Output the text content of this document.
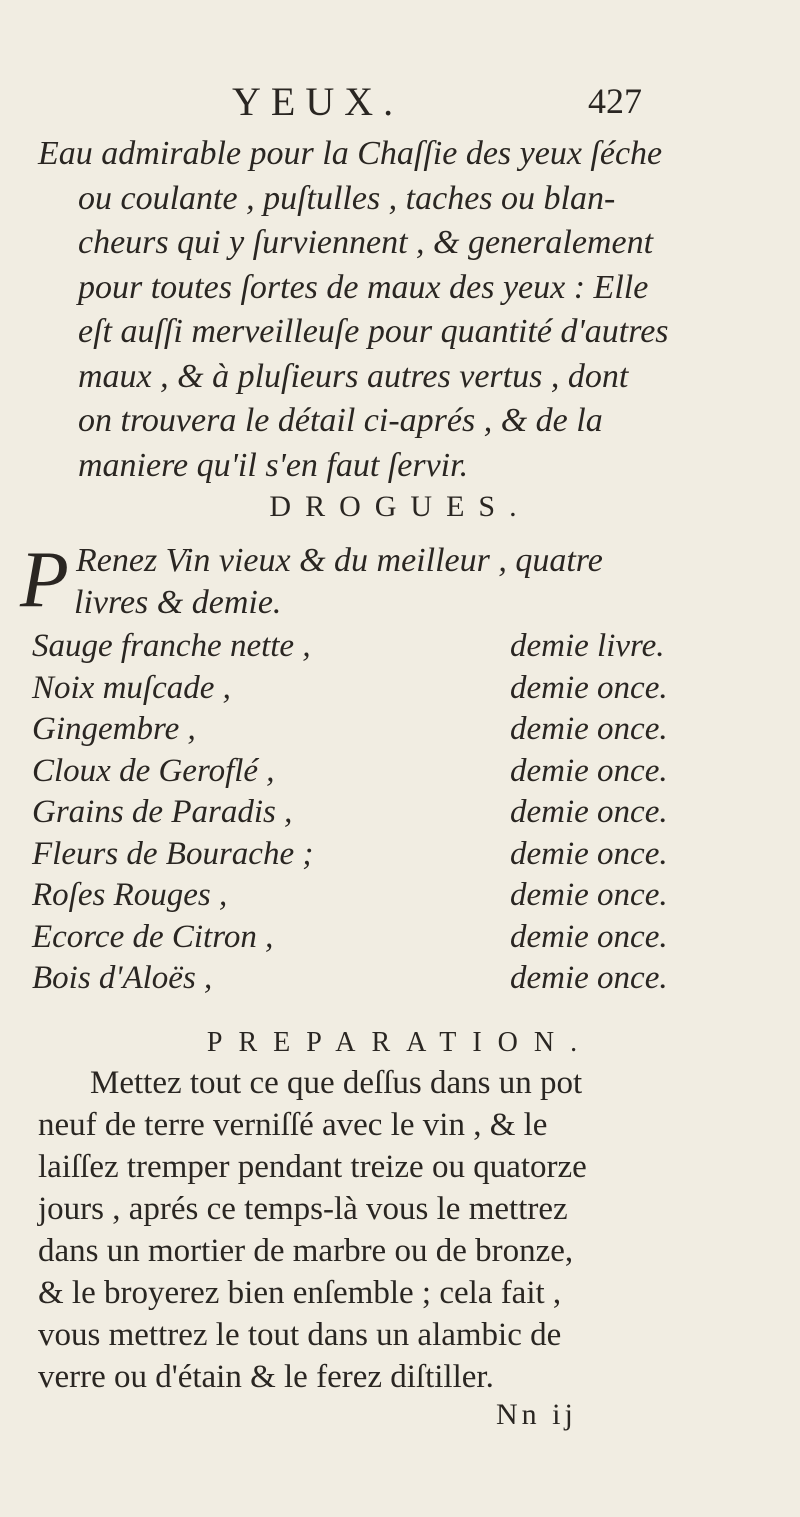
YEUX.	427
Eau admirable pour la Chaſſie des yeux ſéche
ou coulante , puſtulles , taches ou blan-
cheurs qui y ſurviennent , & generalement
pour toutes ſortes de maux des yeux : Elle
eſt auſſi merveilleuſe pour quantité d'autres
maux , & à pluſieurs autres vertus , dont
on trouvera le détail ci-aprés , & de la
maniere qu'il s'en faut ſervir.
DROGUES.
P Renez Vin vieux & du meilleur , quatre
livres & demie.
Sauge franche nette ,	demie livre.
Noix muſcade ,	demie once.
Gingembre ,	demie once.
Cloux de Geroflé ,	demie once.
Grains de Paradis ,	demie once.
Fleurs de Bourache ;	demie once.
Roſes Rouges ,	demie once.
Ecorce de Citron ,	demie once.
Bois d'Aloës ,	demie once.
PREPARATION.
Mettez tout ce que deſſus dans un pot
neuf de terre verniſſé avec le vin , & le
laiſſez tremper pendant treize ou quatorze
jours , aprés ce temps-là vous le mettrez
dans un mortier de marbre ou de bronze,
& le broyerez bien enſemble ; cela fait ,
vous mettrez le tout dans un alambic de
verre ou d'étain & le ferez diſtiller.
Nn ij
